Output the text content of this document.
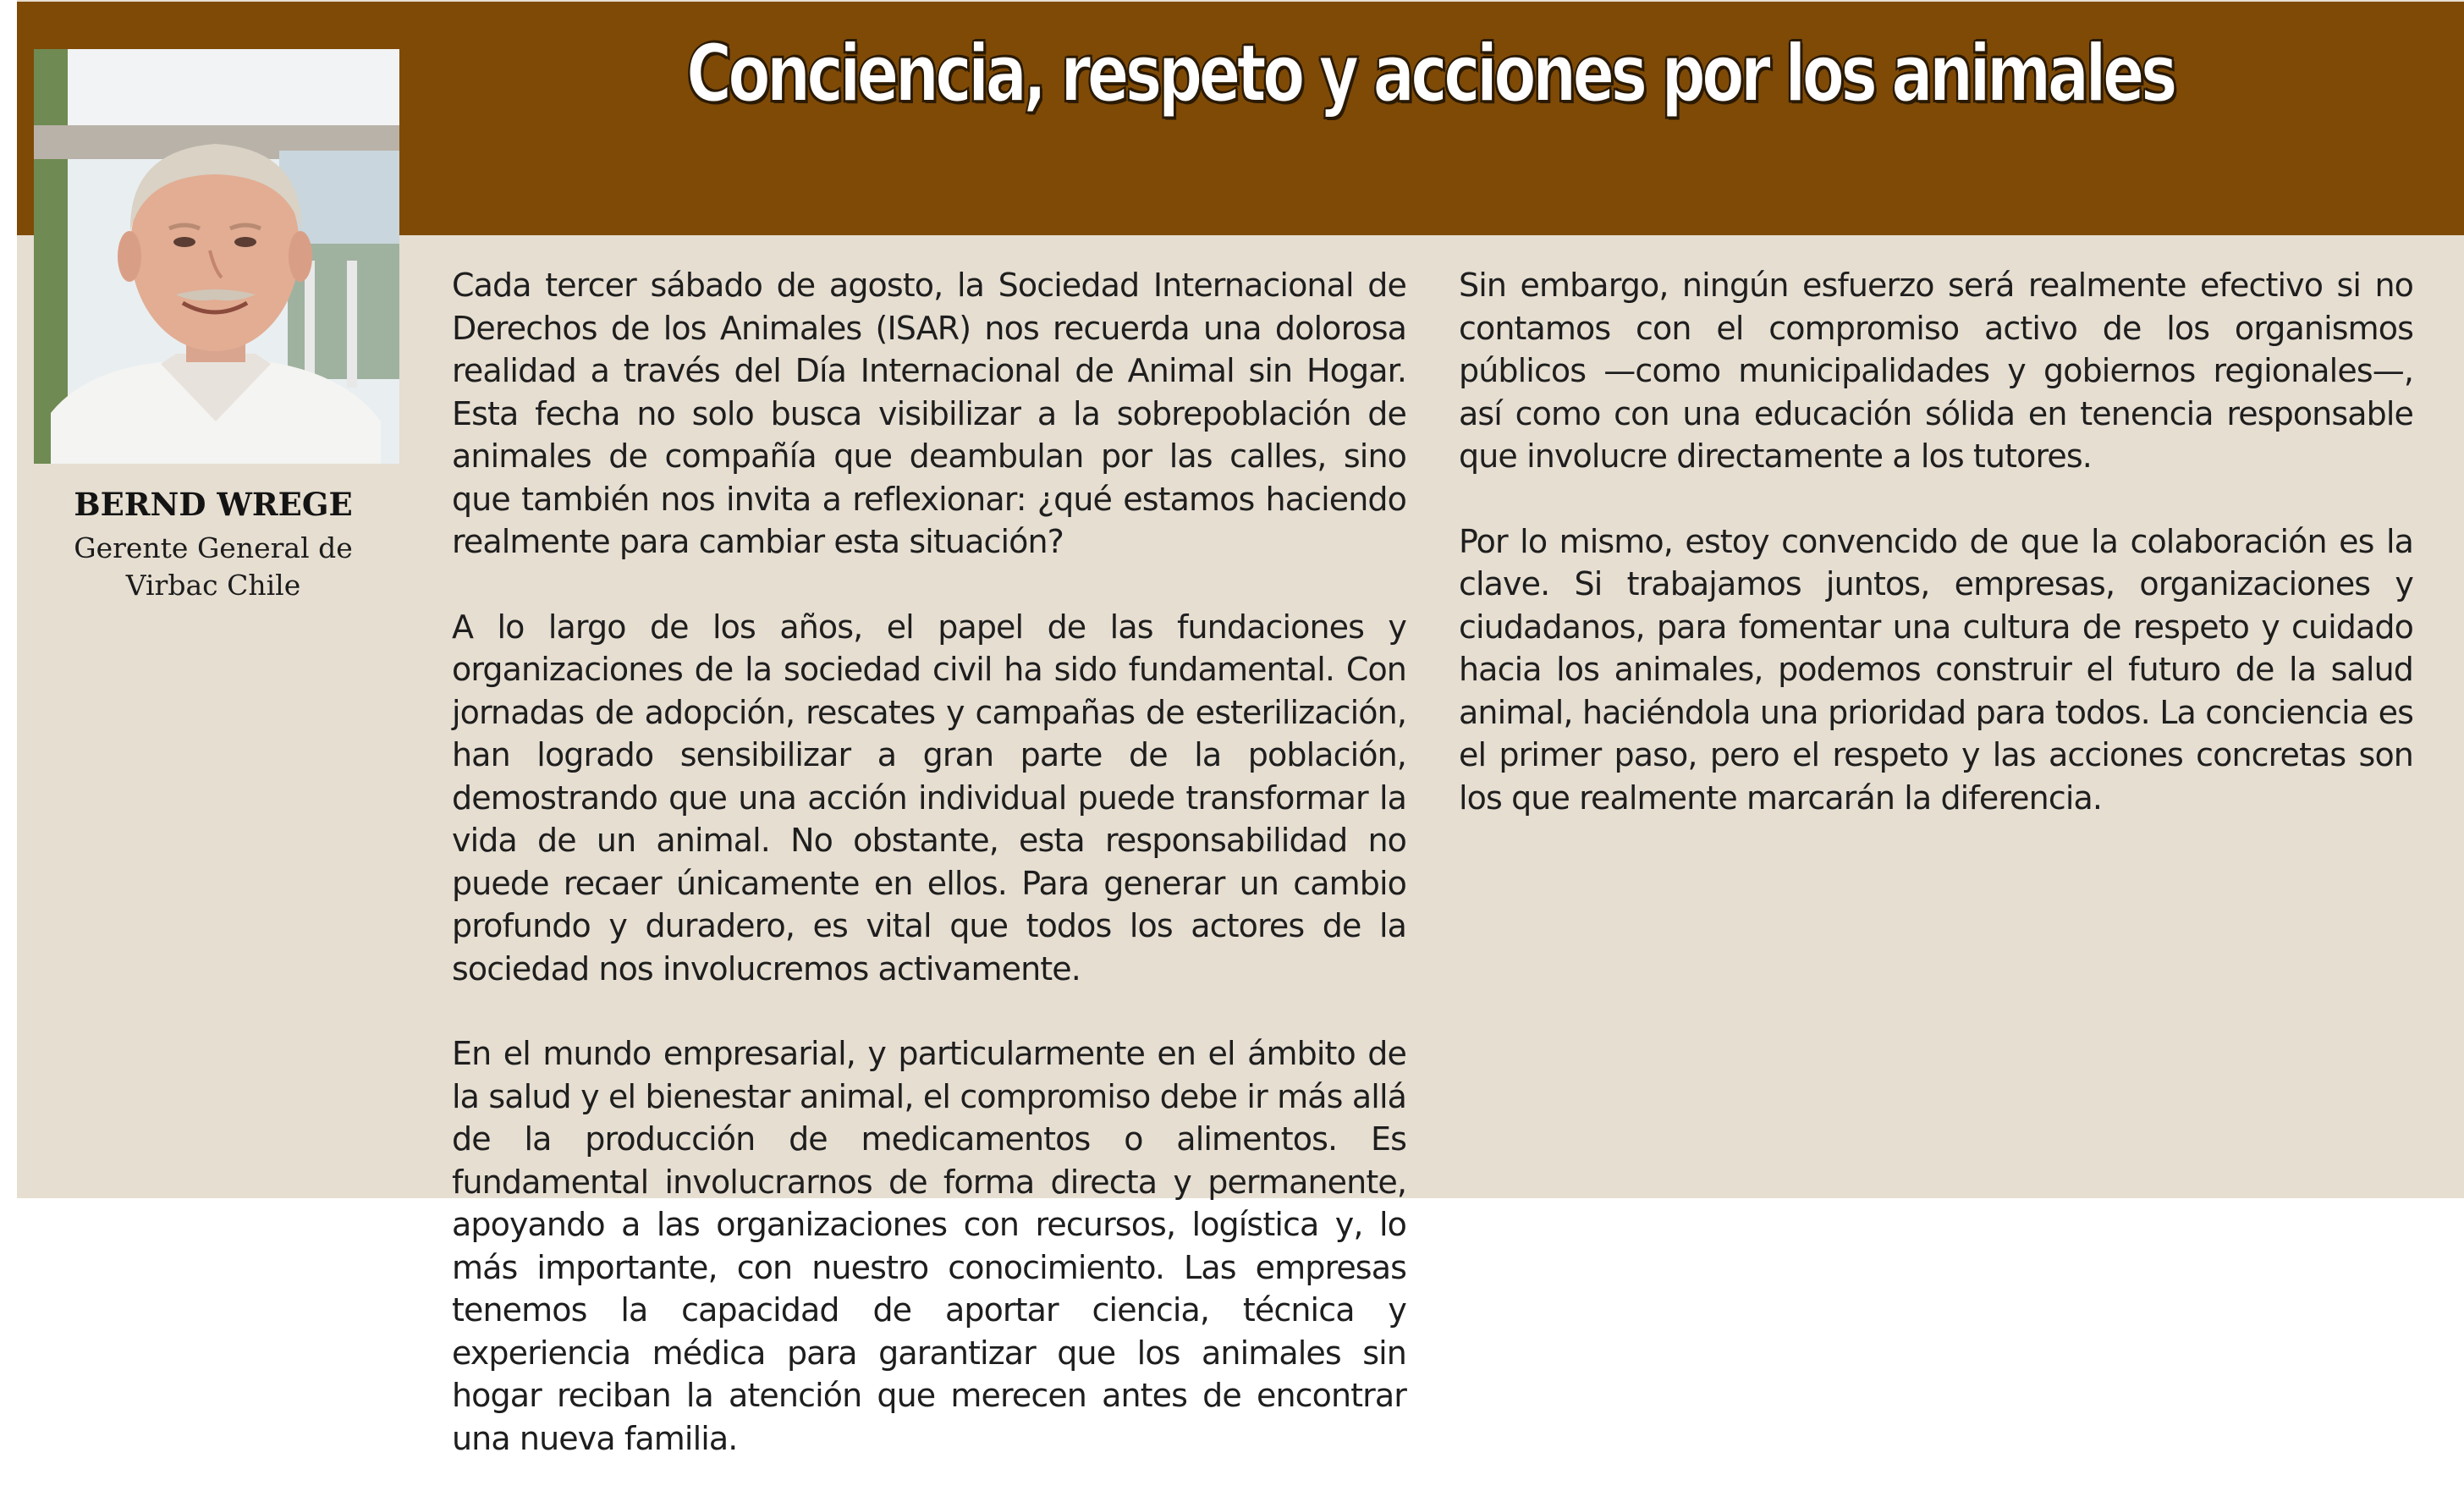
Conciencia, respeto y acciones por los animales

BERND WREGE

Gerente General de
Virbac Chile

Cada tercer sábado de agosto, la Sociedad Internacional de Derechos de los Animales (ISAR) nos recuerda una dolorosa realidad a través del Día Internacional de Animal sin Hogar. Esta fecha no solo busca visibilizar a la sobrepoblación de animales de compañía que deambulan por las calles, sino que también nos invita a reflexionar: ¿qué estamos haciendo realmente para cambiar esta situación?

A lo largo de los años, el papel de las fundaciones y organizaciones de la sociedad civil ha sido fundamental. Con jornadas de adopción, rescates y campañas de esterilización, han logrado sensibilizar a gran parte de la población, demostrando que una acción individual puede transformar la vida de un animal. No obstante, esta responsabilidad no puede recaer únicamente en ellos. Para generar un cambio profundo y duradero, es vital que todos los actores de la sociedad nos involucremos activamente.

En el mundo empresarial, y particularmente en el ámbito de la salud y el bienestar animal, el compromiso debe ir más allá de la producción de medicamentos o alimentos. Es fundamental involucrarnos de forma directa y permanente, apoyando a las organizaciones con recursos, logística y, lo más importante, con nuestro conocimiento. Las empresas tenemos la capacidad de aportar ciencia, técnica y experiencia médica para garantizar que los animales sin hogar reciban la atención que merecen antes de encontrar una nueva familia.

Sin embargo, ningún esfuerzo será realmente efectivo si no contamos con el compromiso activo de los organismos públicos —como municipalidades y gobiernos regionales—, así como con una educación sólida en tenencia responsable que involucre directamente a los tutores.

Por lo mismo, estoy convencido de que la colaboración es la clave. Si trabajamos juntos, empresas, organizaciones y ciudadanos, para fomentar una cultura de respeto y cuidado hacia los animales, podemos construir el futuro de la salud animal, haciéndola una prioridad para todos. La conciencia es el primer paso, pero el respeto y las acciones concretas son los que realmente marcarán la diferencia.
